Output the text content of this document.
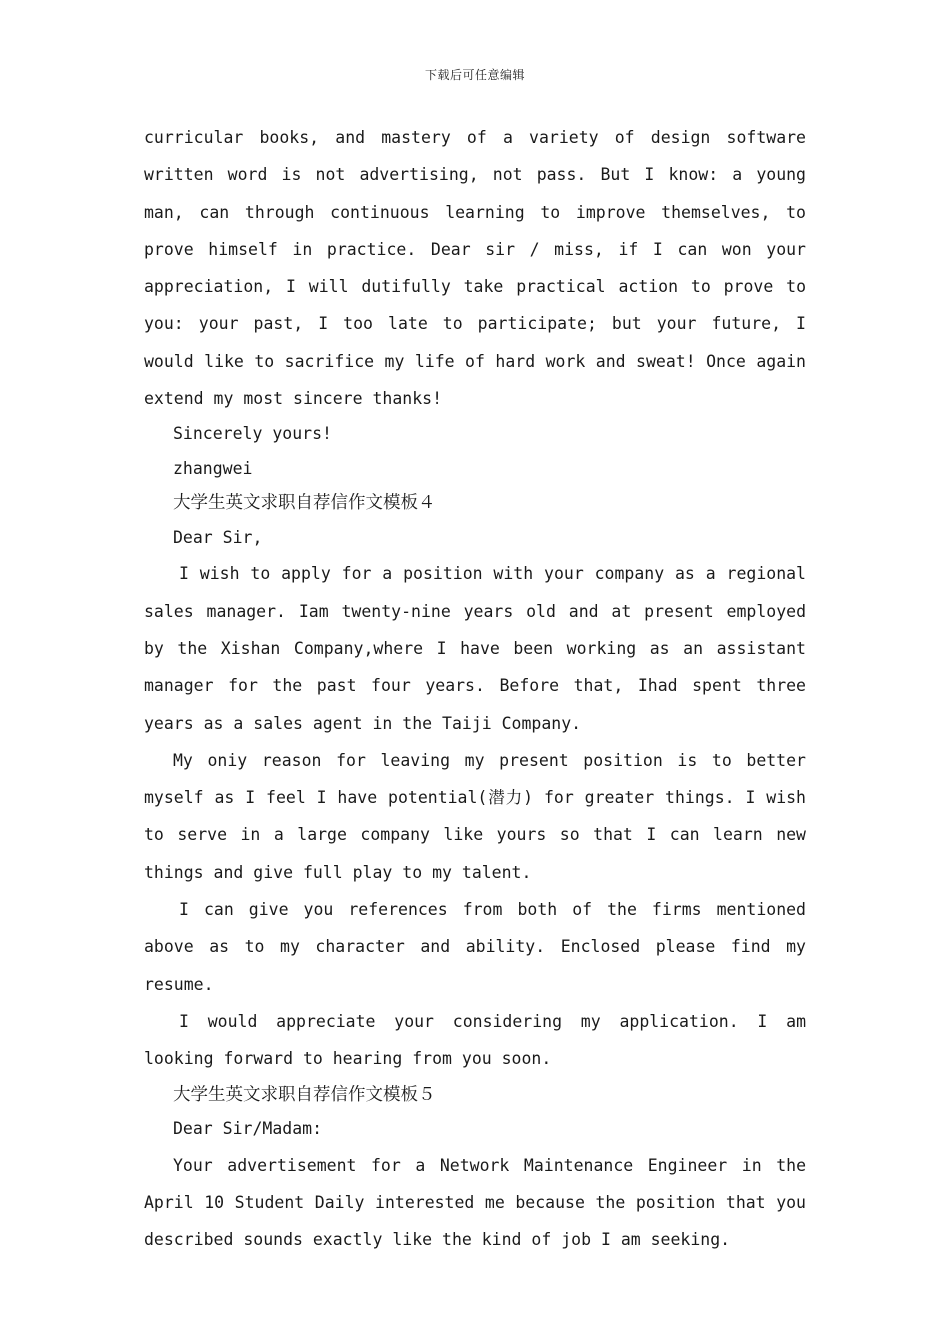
下载后可任意编辑

curricular books, and mastery of a variety of design software written word is not advertising, not pass. But I know: a young man, can through continuous learning to improve themselves, to prove himself in practice. Dear sir / miss, if I can won your appreciation, I will dutifully take practical action to prove to you: your past, I too late to participate; but your future, I would like to sacrifice my life of hard work and sweat! Once again extend my most sincere thanks!

Sincerely yours!

zhangwei

大学生英文求职自荐信作文模板４

Dear Sir,

I wish to apply for a position with your company as a regional sales manager. Iam twenty-nine years old and at present employed by the Xishan Company,where I have been working as an assistant manager for the past four years. Before that, Ihad spent three years as a sales agent in the Taiji Company.

My oniy reason for leaving my present position is to better myself as I feel I have potential(潜力) for greater things. I wish to serve in a large company like yours so that I can learn new things and give full play to my talent.

I can give you references from both of the firms mentioned above as to my character and ability. Enclosed please find my resume.

I would appreciate your considering my application. I am looking forward to hearing from you soon.

大学生英文求职自荐信作文模板５

Dear Sir/Madam:

Your advertisement for a Network Maintenance Engineer in the April 10 Student Daily interested me because the position that you described sounds exactly like the kind of job I am seeking.
